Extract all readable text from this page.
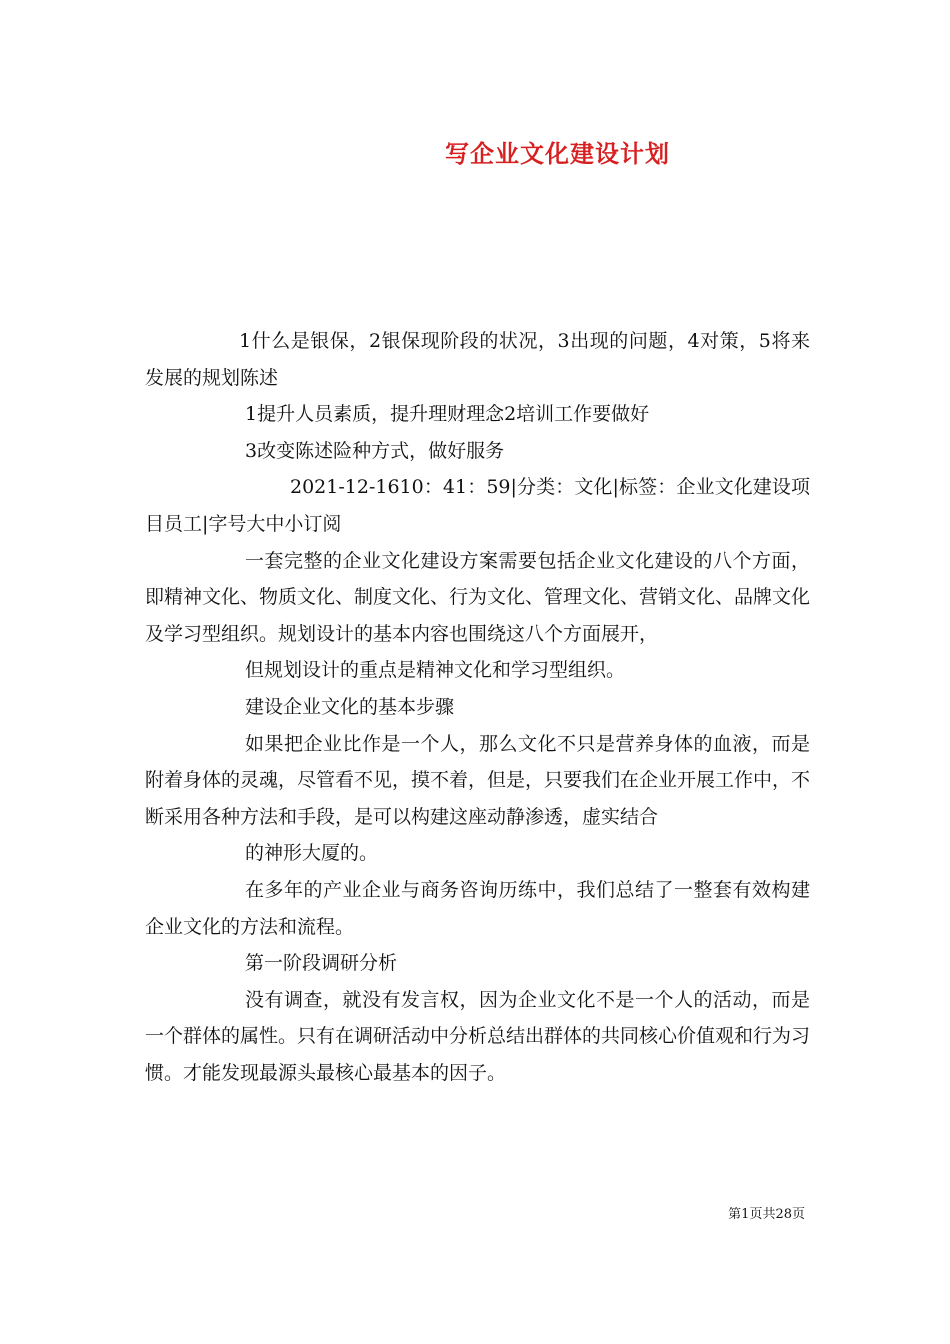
写企业文化建设计划

1什么是银保，2银保现阶段的状况，3出现的问题，4对策，5将来发展的规划陈述

1提升人员素质，提升理财理念2培训工作要做好

3改变陈述险种方式，做好服务

2021-12-1610：41：59|分类：文化|标签：企业文化建设项目员工|字号大中小订阅

一套完整的企业文化建设方案需要包括企业文化建设的八个方面，即精神文化、物质文化、制度文化、行为文化、管理文化、营销文化、品牌文化及学习型组织。规划设计的基本内容也围绕这八个方面展开，

但规划设计的重点是精神文化和学习型组织。

建设企业文化的基本步骤

如果把企业比作是一个人，那么文化不只是营养身体的血液，而是附着身体的灵魂，尽管看不见，摸不着，但是，只要我们在企业开展工作中，不断采用各种方法和手段，是可以构建这座动静渗透，虚实结合

的神形大厦的。

在多年的产业企业与商务咨询历练中，我们总结了一整套有效构建企业文化的方法和流程。

第一阶段调研分析

没有调查，就没有发言权，因为企业文化不是一个人的活动，而是一个群体的属性。只有在调研活动中分析总结出群体的共同核心价值观和行为习惯。才能发现最源头最核心最基本的因子。

第1页共28页
